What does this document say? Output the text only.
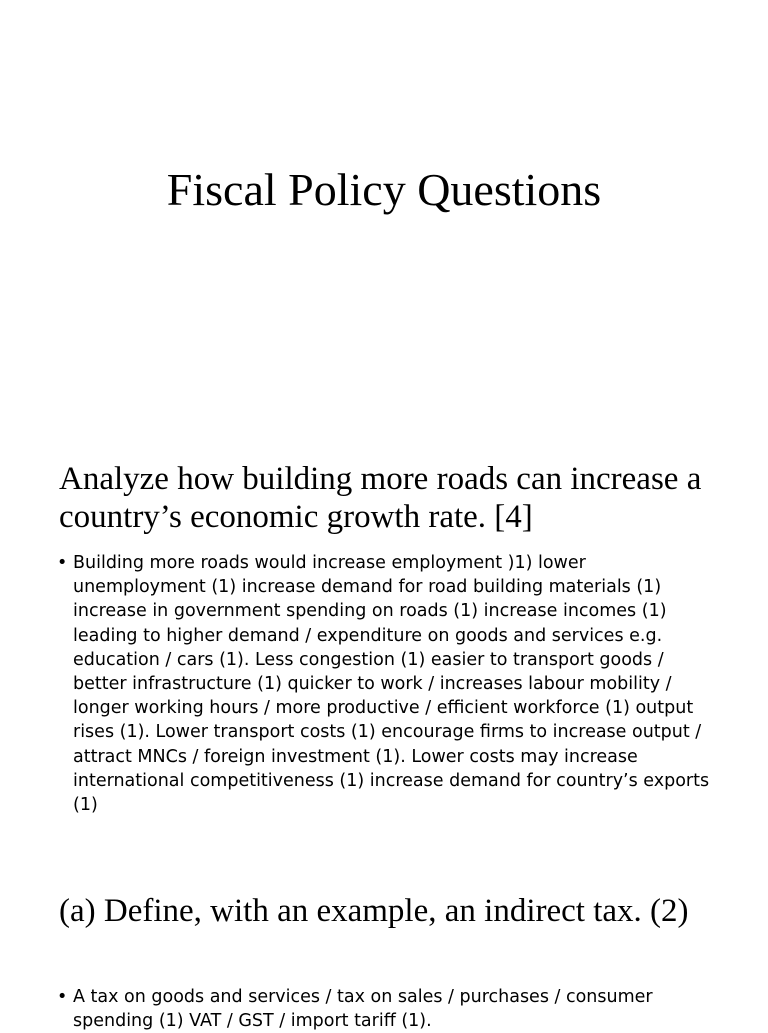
Fiscal Policy Questions
Analyze how building more roads can increase a country’s economic growth rate. [4]
• Building more roads would increase employment )1) lower unemployment (1) increase demand for road building materials (1) increase in government spending on roads (1) increase incomes (1) leading to higher demand / expenditure on goods and services e.g. education / cars (1). Less congestion (1) easier to transport goods / better infrastructure (1) quicker to work / increases labour mobility / longer working hours / more productive / efficient workforce (1) output rises (1). Lower transport costs (1) encourage firms to increase output / attract MNCs / foreign investment (1). Lower costs may increase international competitiveness (1) increase demand for country’s exports (1)
(a) Define, with an example, an indirect tax. (2)
• A tax on goods and services / tax on sales / purchases / consumer spending (1) VAT / GST / import tariff (1).
